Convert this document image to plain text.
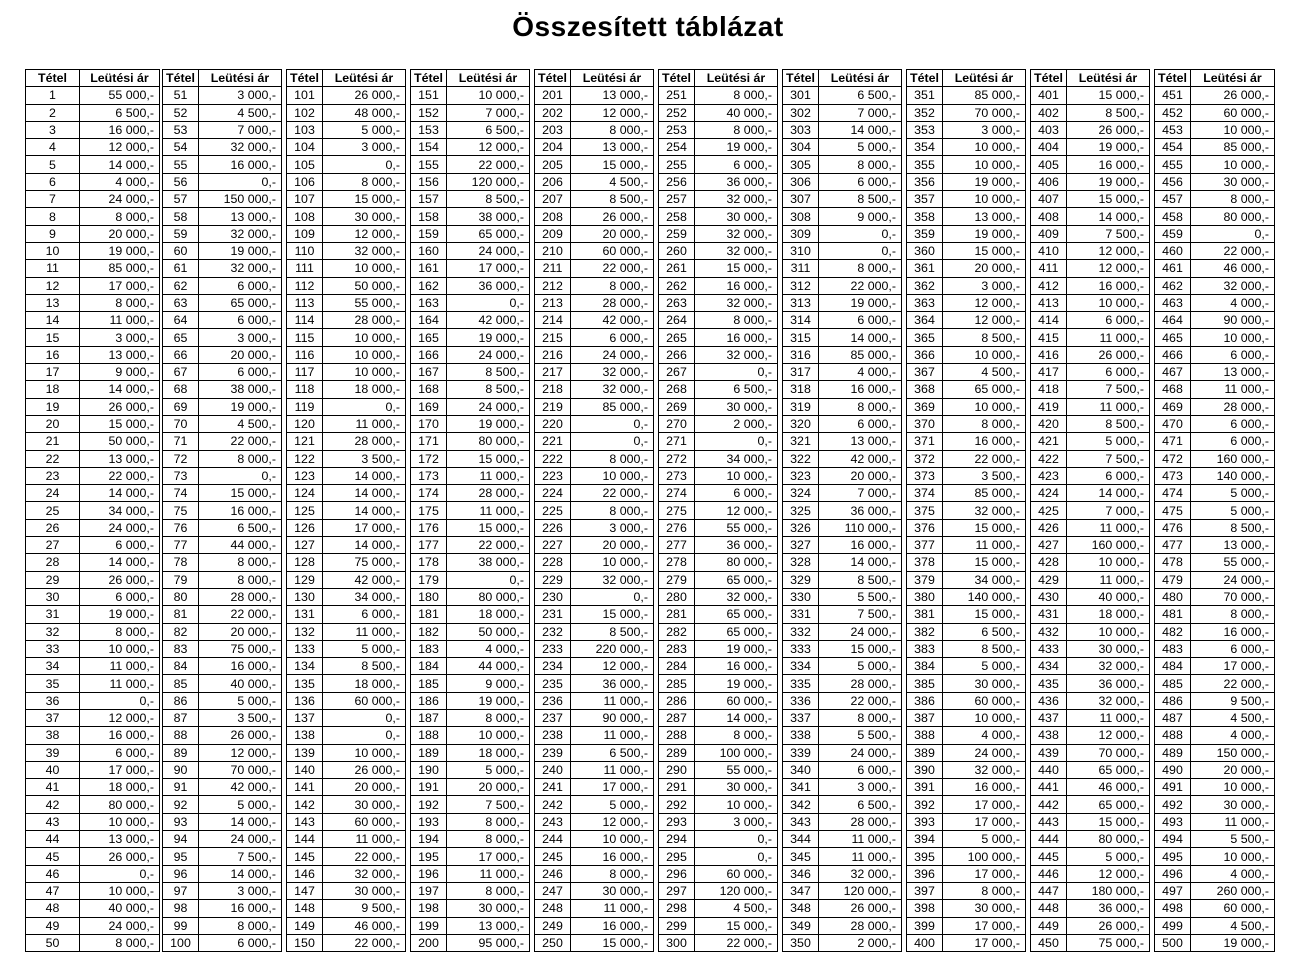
Összesített táblázat
Tétel	Leütési ár
1	55 000,-
2	6 500,-
3	16 000,-
4	12 000,-
5	14 000,-
6	4 000,-
7	24 000,-
8	8 000,-
9	20 000,-
10	19 000,-
11	85 000,-
12	17 000,-
13	8 000,-
14	11 000,-
15	3 000,-
16	13 000,-
17	9 000,-
18	14 000,-
19	26 000,-
20	15 000,-
21	50 000,-
22	13 000,-
23	22 000,-
24	14 000,-
25	34 000,-
26	24 000,-
27	6 000,-
28	14 000,-
29	26 000,-
30	6 000,-
31	19 000,-
32	8 000,-
33	10 000,-
34	11 000,-
35	11 000,-
36	0,-
37	12 000,-
38	16 000,-
39	6 000,-
40	17 000,-
41	18 000,-
42	80 000,-
43	10 000,-
44	13 000,-
45	26 000,-
46	0,-
47	10 000,-
48	40 000,-
49	24 000,-
50	8 000,-
Tétel	Leütési ár
51	3 000,-
52	4 500,-
53	7 000,-
54	32 000,-
55	16 000,-
56	0,-
57	150 000,-
58	13 000,-
59	32 000,-
60	19 000,-
61	32 000,-
62	6 000,-
63	65 000,-
64	6 000,-
65	3 000,-
66	20 000,-
67	6 000,-
68	38 000,-
69	19 000,-
70	4 500,-
71	22 000,-
72	8 000,-
73	0,-
74	15 000,-
75	16 000,-
76	6 500,-
77	44 000,-
78	8 000,-
79	8 000,-
80	28 000,-
81	22 000,-
82	20 000,-
83	75 000,-
84	16 000,-
85	40 000,-
86	5 000,-
87	3 500,-
88	26 000,-
89	12 000,-
90	70 000,-
91	42 000,-
92	5 000,-
93	14 000,-
94	24 000,-
95	7 500,-
96	14 000,-
97	3 000,-
98	16 000,-
99	8 000,-
100	6 000,-
Tétel	Leütési ár
101	26 000,-
102	48 000,-
103	5 000,-
104	3 000,-
105	0,-
106	8 000,-
107	15 000,-
108	30 000,-
109	12 000,-
110	32 000,-
111	10 000,-
112	50 000,-
113	55 000,-
114	28 000,-
115	10 000,-
116	10 000,-
117	10 000,-
118	18 000,-
119	0,-
120	11 000,-
121	28 000,-
122	3 500,-
123	14 000,-
124	14 000,-
125	14 000,-
126	17 000,-
127	14 000,-
128	75 000,-
129	42 000,-
130	34 000,-
131	6 000,-
132	11 000,-
133	5 000,-
134	8 500,-
135	18 000,-
136	60 000,-
137	0,-
138	0,-
139	10 000,-
140	26 000,-
141	20 000,-
142	30 000,-
143	60 000,-
144	11 000,-
145	22 000,-
146	32 000,-
147	30 000,-
148	9 500,-
149	46 000,-
150	22 000,-
Tétel	Leütési ár
151	10 000,-
152	7 000,-
153	6 500,-
154	12 000,-
155	22 000,-
156	120 000,-
157	8 500,-
158	38 000,-
159	65 000,-
160	24 000,-
161	17 000,-
162	36 000,-
163	0,-
164	42 000,-
165	19 000,-
166	24 000,-
167	8 500,-
168	8 500,-
169	24 000,-
170	19 000,-
171	80 000,-
172	15 000,-
173	11 000,-
174	28 000,-
175	11 000,-
176	15 000,-
177	22 000,-
178	38 000,-
179	0,-
180	80 000,-
181	18 000,-
182	50 000,-
183	4 000,-
184	44 000,-
185	9 000,-
186	19 000,-
187	8 000,-
188	10 000,-
189	18 000,-
190	5 000,-
191	20 000,-
192	7 500,-
193	8 000,-
194	8 000,-
195	17 000,-
196	11 000,-
197	8 000,-
198	30 000,-
199	13 000,-
200	95 000,-
Tétel	Leütési ár
201	13 000,-
202	12 000,-
203	8 000,-
204	13 000,-
205	15 000,-
206	4 500,-
207	8 500,-
208	26 000,-
209	20 000,-
210	60 000,-
211	22 000,-
212	8 000,-
213	28 000,-
214	42 000,-
215	6 000,-
216	24 000,-
217	32 000,-
218	32 000,-
219	85 000,-
220	0,-
221	0,-
222	8 000,-
223	10 000,-
224	22 000,-
225	8 000,-
226	3 000,-
227	20 000,-
228	10 000,-
229	32 000,-
230	0,-
231	15 000,-
232	8 500,-
233	220 000,-
234	12 000,-
235	36 000,-
236	11 000,-
237	90 000,-
238	11 000,-
239	6 500,-
240	11 000,-
241	17 000,-
242	5 000,-
243	12 000,-
244	10 000,-
245	16 000,-
246	8 000,-
247	30 000,-
248	11 000,-
249	16 000,-
250	15 000,-
Tétel	Leütési ár
251	8 000,-
252	40 000,-
253	8 000,-
254	19 000,-
255	6 000,-
256	36 000,-
257	32 000,-
258	30 000,-
259	32 000,-
260	32 000,-
261	15 000,-
262	16 000,-
263	32 000,-
264	8 000,-
265	16 000,-
266	32 000,-
267	0,-
268	6 500,-
269	30 000,-
270	2 000,-
271	0,-
272	34 000,-
273	10 000,-
274	6 000,-
275	12 000,-
276	55 000,-
277	36 000,-
278	80 000,-
279	65 000,-
280	32 000,-
281	65 000,-
282	65 000,-
283	19 000,-
284	16 000,-
285	19 000,-
286	60 000,-
287	14 000,-
288	8 000,-
289	100 000,-
290	55 000,-
291	30 000,-
292	10 000,-
293	3 000,-
294	0,-
295	0,-
296	60 000,-
297	120 000,-
298	4 500,-
299	15 000,-
300	22 000,-
Tétel	Leütési ár
301	6 500,-
302	7 000,-
303	14 000,-
304	5 000,-
305	8 000,-
306	6 000,-
307	8 500,-
308	9 000,-
309	0,-
310	0,-
311	8 000,-
312	22 000,-
313	19 000,-
314	6 000,-
315	14 000,-
316	85 000,-
317	4 000,-
318	16 000,-
319	8 000,-
320	6 000,-
321	13 000,-
322	42 000,-
323	20 000,-
324	7 000,-
325	36 000,-
326	110 000,-
327	16 000,-
328	14 000,-
329	8 500,-
330	5 500,-
331	7 500,-
332	24 000,-
333	15 000,-
334	5 000,-
335	28 000,-
336	22 000,-
337	8 000,-
338	5 500,-
339	24 000,-
340	6 000,-
341	3 000,-
342	6 500,-
343	28 000,-
344	11 000,-
345	11 000,-
346	32 000,-
347	120 000,-
348	26 000,-
349	28 000,-
350	2 000,-
Tétel	Leütési ár
351	85 000,-
352	70 000,-
353	3 000,-
354	10 000,-
355	10 000,-
356	19 000,-
357	10 000,-
358	13 000,-
359	19 000,-
360	15 000,-
361	20 000,-
362	3 000,-
363	12 000,-
364	12 000,-
365	8 500,-
366	10 000,-
367	4 500,-
368	65 000,-
369	10 000,-
370	8 000,-
371	16 000,-
372	22 000,-
373	3 500,-
374	85 000,-
375	32 000,-
376	15 000,-
377	11 000,-
378	15 000,-
379	34 000,-
380	140 000,-
381	15 000,-
382	6 500,-
383	8 500,-
384	5 000,-
385	30 000,-
386	60 000,-
387	10 000,-
388	4 000,-
389	24 000,-
390	32 000,-
391	16 000,-
392	17 000,-
393	17 000,-
394	5 000,-
395	100 000,-
396	17 000,-
397	8 000,-
398	30 000,-
399	17 000,-
400	17 000,-
Tétel	Leütési ár
401	15 000,-
402	8 500,-
403	26 000,-
404	19 000,-
405	16 000,-
406	19 000,-
407	15 000,-
408	14 000,-
409	7 500,-
410	12 000,-
411	12 000,-
412	16 000,-
413	10 000,-
414	6 000,-
415	11 000,-
416	26 000,-
417	6 000,-
418	7 500,-
419	11 000,-
420	8 500,-
421	5 000,-
422	7 500,-
423	6 000,-
424	14 000,-
425	7 000,-
426	11 000,-
427	160 000,-
428	10 000,-
429	11 000,-
430	40 000,-
431	18 000,-
432	10 000,-
433	30 000,-
434	32 000,-
435	36 000,-
436	32 000,-
437	11 000,-
438	12 000,-
439	70 000,-
440	65 000,-
441	46 000,-
442	65 000,-
443	15 000,-
444	80 000,-
445	5 000,-
446	12 000,-
447	180 000,-
448	36 000,-
449	26 000,-
450	75 000,-
Tétel	Leütési ár
451	26 000,-
452	60 000,-
453	10 000,-
454	85 000,-
455	10 000,-
456	30 000,-
457	8 000,-
458	80 000,-
459	0,-
460	22 000,-
461	46 000,-
462	32 000,-
463	4 000,-
464	90 000,-
465	10 000,-
466	6 000,-
467	13 000,-
468	11 000,-
469	28 000,-
470	6 000,-
471	6 000,-
472	160 000,-
473	140 000,-
474	5 000,-
475	5 000,-
476	8 500,-
477	13 000,-
478	55 000,-
479	24 000,-
480	70 000,-
481	8 000,-
482	16 000,-
483	6 000,-
484	17 000,-
485	22 000,-
486	9 500,-
487	4 500,-
488	4 000,-
489	150 000,-
490	20 000,-
491	10 000,-
492	30 000,-
493	11 000,-
494	5 500,-
495	10 000,-
496	4 000,-
497	260 000,-
498	60 000,-
499	4 500,-
500	19 000,-
